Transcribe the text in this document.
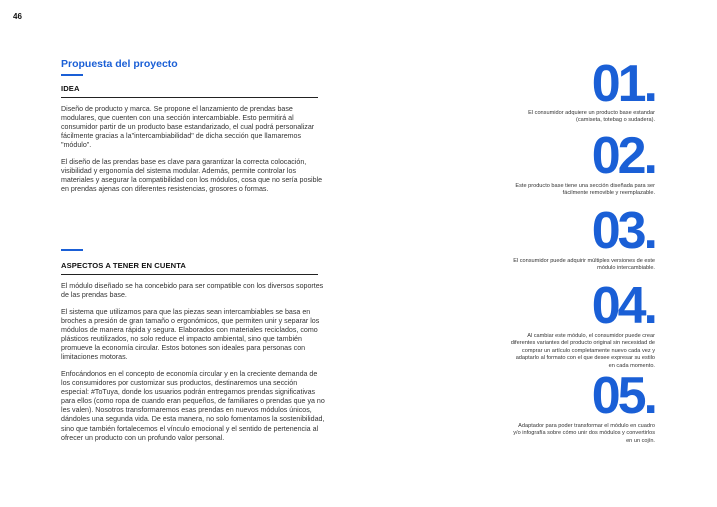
46
Propuesta del proyecto
IDEA

Diseño de producto y marca. Se propone el lanzamiento de prendas base modulares, que cuenten con una sección intercambiable. Esto permitirá al consumidor partir de un producto base estandarizado, el cual podrá personalizar fácilmente gracias a la"intercambiabilidad" de dicha sección que llamaremos "módulo".

El diseño de las prendas base es clave para garantizar la correcta colocación, visibilidad y ergonomía del sistema modular. Además, permite controlar los materiales y asegurar la compatibilidad con los módulos, cosa que no sería posible en prendas ajenas con diferentes resistencias, grosores o formas.

ASPECTOS A TENER EN CUENTA

El módulo diseñado se ha concebido para ser compatible con los diversos soportes de las prendas base.

El sistema que utilizamos para que las piezas sean intercambiables se basa en broches a presión de gran tamaño o ergonómicos, que permiten unir y separar los módulos de manera rápida y segura. Elaborados con materiales reciclados, como plásticos reutilizados, no solo reduce el impacto ambiental, sino que también promueve la economía circular. Estos botones son ideales para personas con limitaciones motoras.

Enfocándonos en el concepto de economía circular y en la creciente demanda de los consumidores por customizar sus productos, destinaremos una sección especial: #ToTuya, donde los usuarios podrán entregarnos prendas significativas para ellos (como ropa de cuando eran pequeños, de familiares o prendas que ya no les valen). Nosotros transformaremos esas prendas en nuevos módulos únicos, dándoles una segunda vida. De esta manera, no solo fomentamos la sostenibilidad, sino que también fortalecemos el vínculo emocional y el sentido de pertenencia al ofrecer un producto con un profundo valor personal.

01.

El consumidor adquiere un producto base estandar (camiseta, totebag o sudadera).

02.

Este producto base tiene una sección diseñada para ser fácilmente removible y reemplazable.

03.

El consumidor puede adquirir múltiples versiones de este módulo intercambiable.

04.

Al cambiar este módulo, el consumidor puede crear diferentes variantes del producto original sin necesidad de comprar un artículo completamente nuevo cada vez y adaptarlo al formato con el que desee expresar su estilo en cada momento.

05.

Adaptador para poder transformar el módulo en cuadro y/o infografía sobre cómo unir dos módulos y convertirlos en un cojín.
